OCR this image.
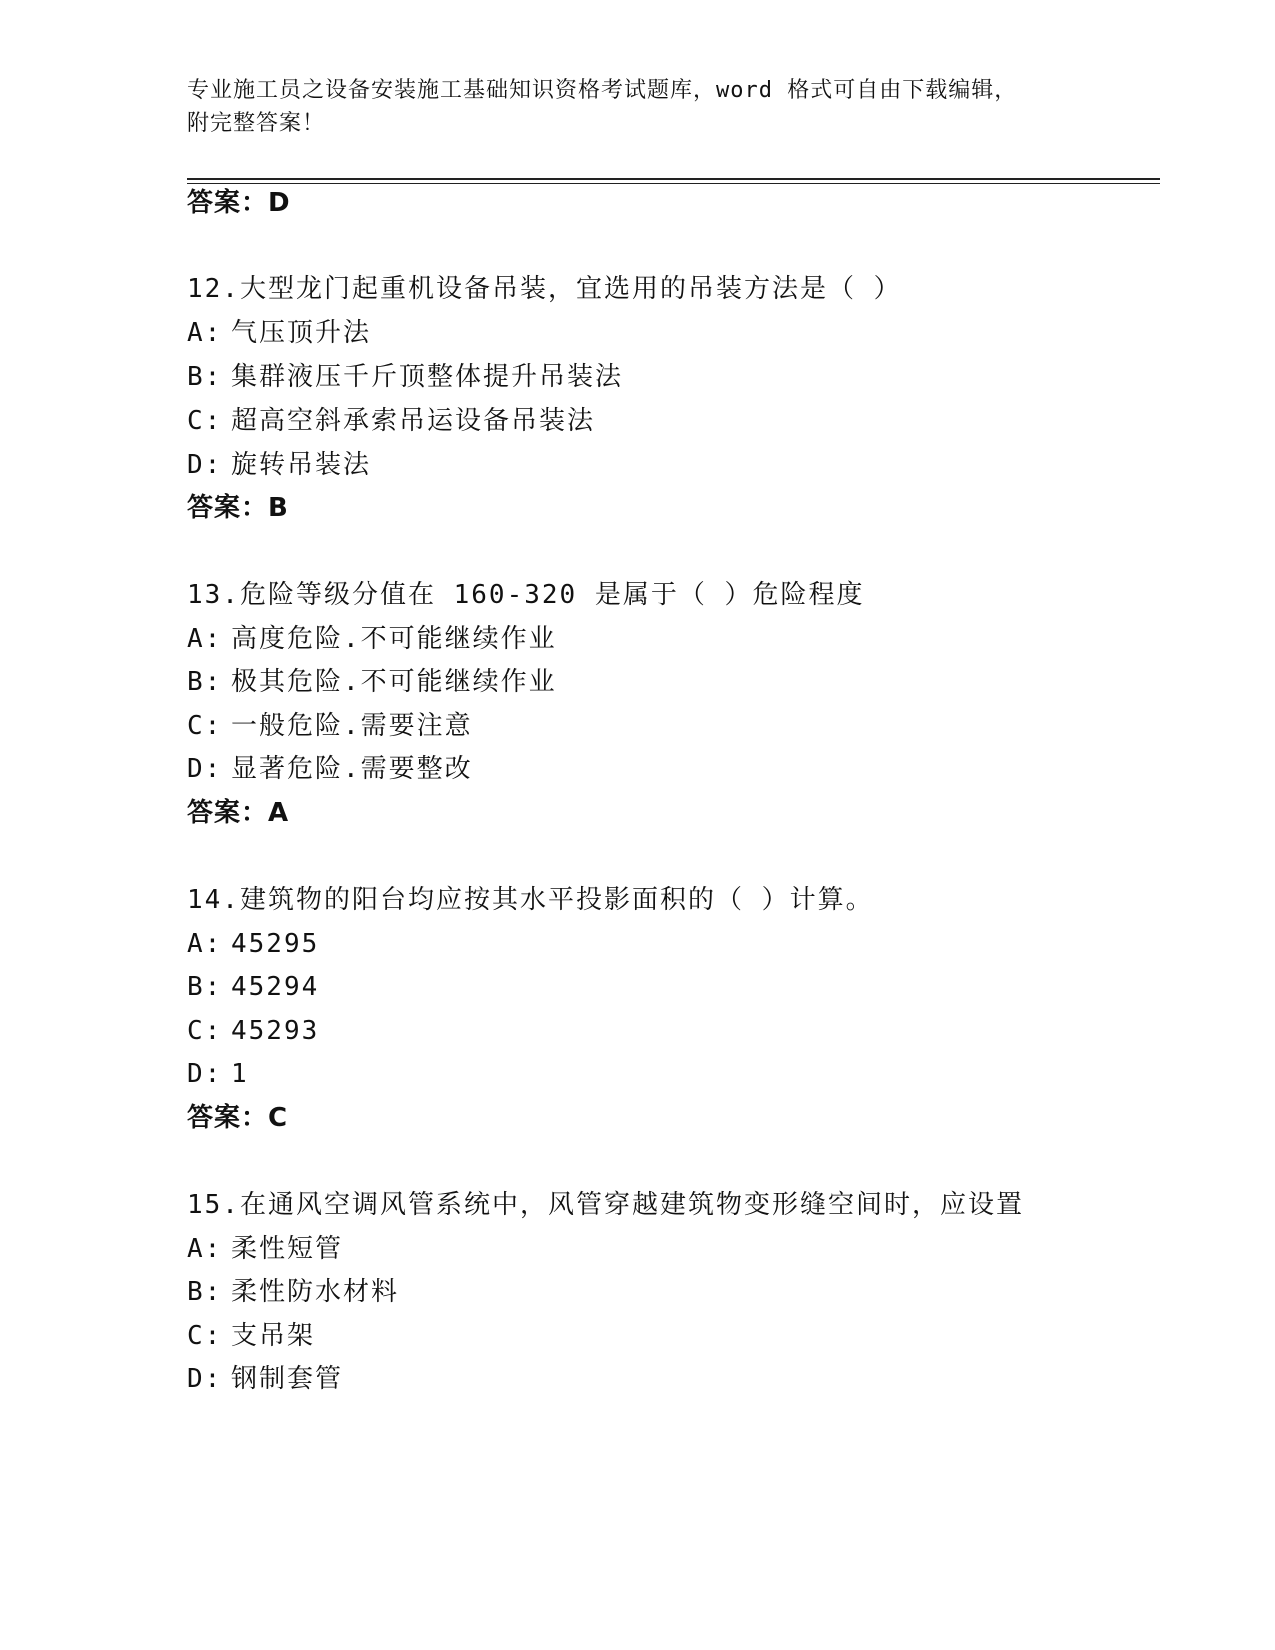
专业施工员之设备安装施工基础知识资格考试题库，word 格式可自由下载编辑，
附完整答案！
答案：D
12.大型龙门起重机设备吊装，宜选用的吊装方法是（ ）
A: 气压顶升法
B: 集群液压千斤顶整体提升吊装法
C: 超高空斜承索吊运设备吊装法
D: 旋转吊装法
答案：B
13.危险等级分值在 160-320 是属于（ ）危险程度
A: 高度危险.不可能继续作业
B: 极其危险.不可能继续作业
C: 一般危险.需要注意
D: 显著危险.需要整改
答案：A
14.建筑物的阳台均应按其水平投影面积的（ ）计算。
A: 45295
B: 45294
C: 45293
D: 1
答案：C
15.在通风空调风管系统中，风管穿越建筑物变形缝空间时，应设置
A: 柔性短管
B: 柔性防水材料
C: 支吊架
D: 钢制套管
